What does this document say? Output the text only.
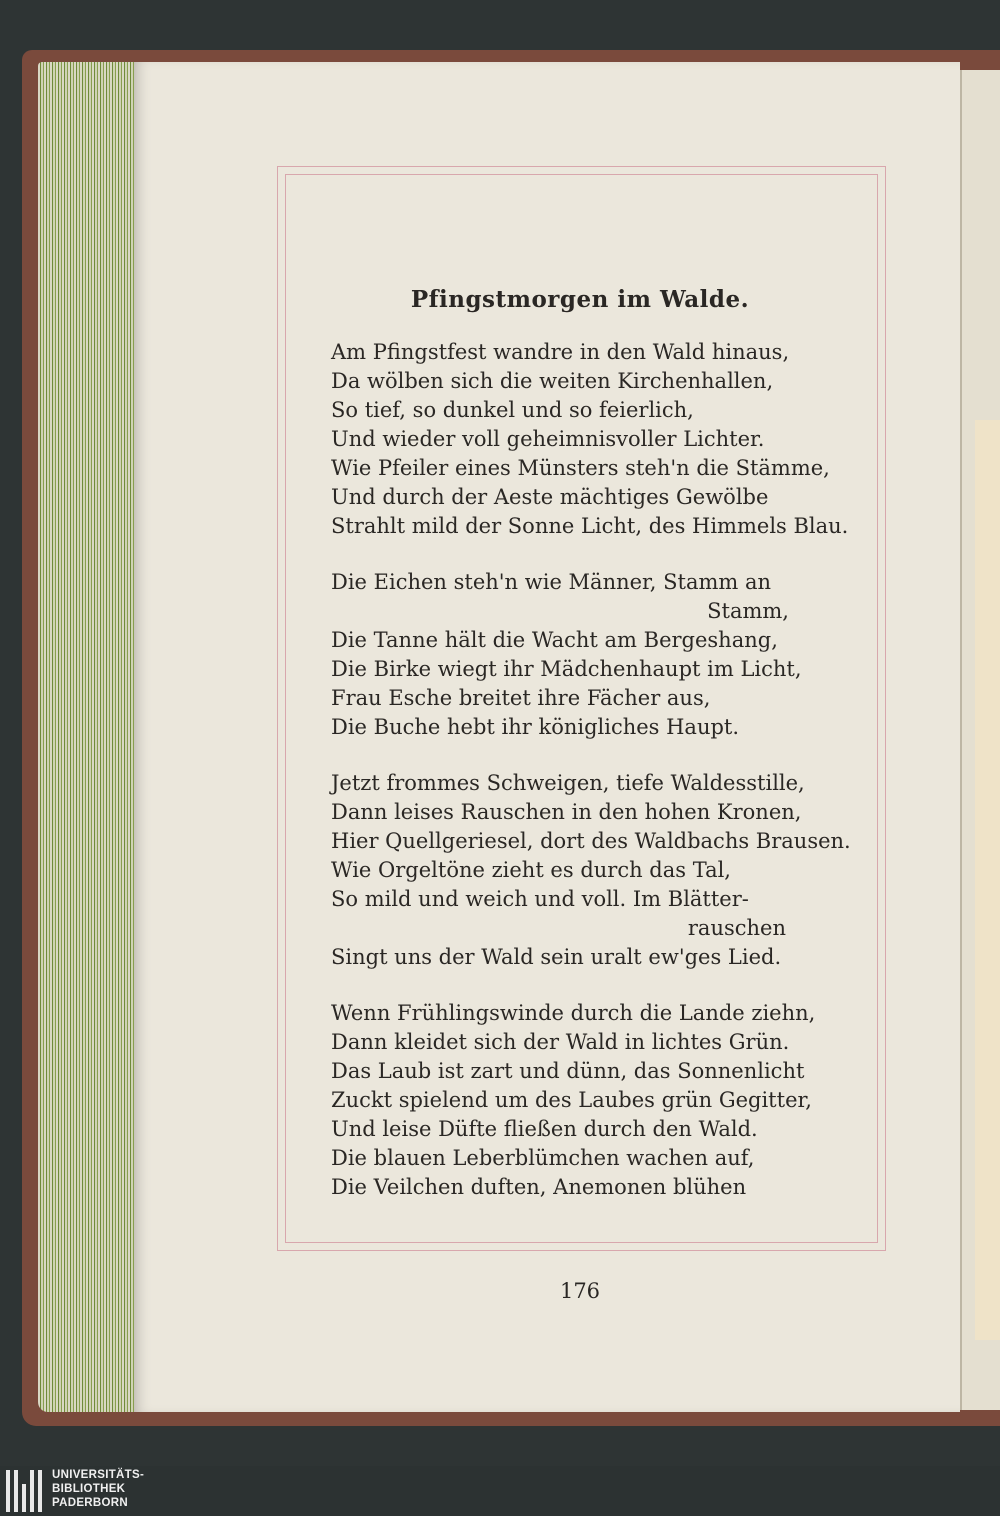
Pfingstmorgen im Walde.
Am Pfingstfest wandre in den Wald hinaus,
Da wölben sich die weiten Kirchenhallen,
So tief, so dunkel und so feierlich,
Und wieder voll geheimnisvoller Lichter.
Wie Pfeiler eines Münsters steh'n die Stämme,
Und durch der Aeste mächtiges Gewölbe
Strahlt mild der Sonne Licht, des Himmels Blau.
Die Eichen steh'n wie Männer, Stamm an
Stamm,
Die Tanne hält die Wacht am Bergeshang,
Die Birke wiegt ihr Mädchenhaupt im Licht,
Frau Esche breitet ihre Fächer aus,
Die Buche hebt ihr königliches Haupt.
Jetzt frommes Schweigen, tiefe Waldesstille,
Dann leises Rauschen in den hohen Kronen,
Hier Quellgeriesel, dort des Waldbachs Brausen.
Wie Orgeltöne zieht es durch das Tal,
So mild und weich und voll. Im Blätter-
rauschen
Singt uns der Wald sein uralt ew'ges Lied.
Wenn Frühlingswinde durch die Lande ziehn,
Dann kleidet sich der Wald in lichtes Grün.
Das Laub ist zart und dünn, das Sonnenlicht
Zuckt spielend um des Laubes grün Gegitter,
Und leise Düfte fließen durch den Wald.
Die blauen Leberblümchen wachen auf,
Die Veilchen duften, Anemonen blühen
176
UNIVERSITÄTS-
BIBLIOTHEK
PADERBORN
